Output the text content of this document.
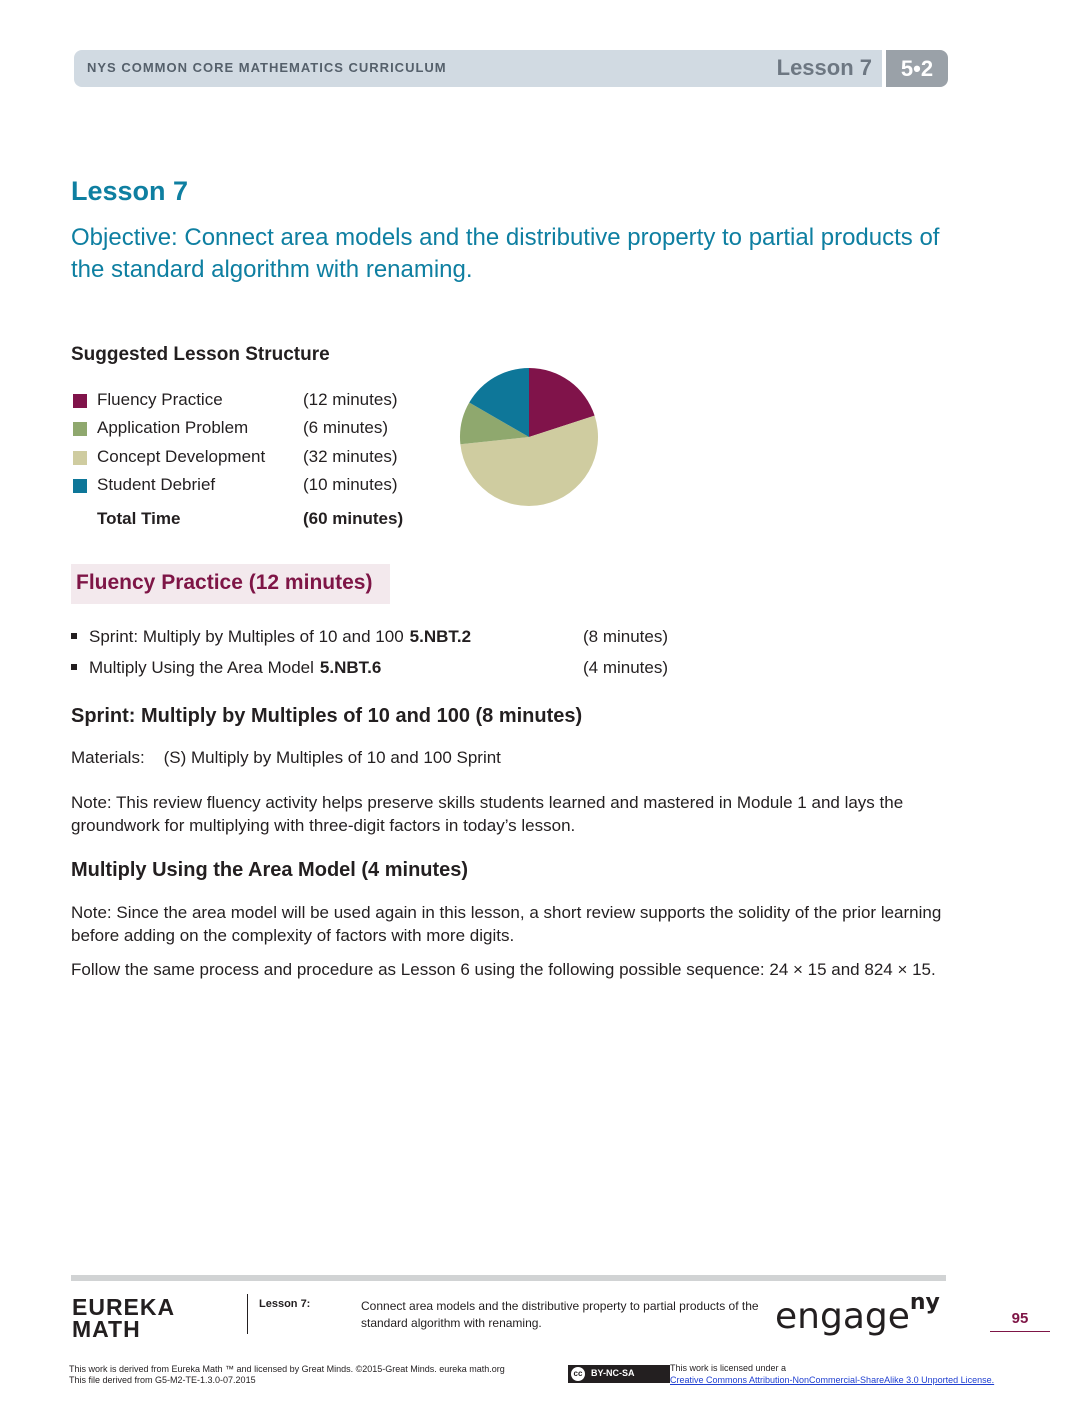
NYS COMMON CORE MATHEMATICS CURRICULUM	Lesson 7	5•2
Lesson 7
Objective: Connect area models and the distributive property to partial products of the standard algorithm with renaming.
Suggested Lesson Structure
Fluency Practice	(12 minutes)
Application Problem	(6 minutes)
Concept Development (32 minutes)
Student Debrief	(10 minutes)
Total Time	(60 minutes)
Fluency Practice (12 minutes)
Sprint: Multiply by Multiples of 10 and 100 5.NBT.2	(8 minutes)
Multiply Using the Area Model 5.NBT.6	(4 minutes)
Sprint: Multiply by Multiples of 10 and 100 (8 minutes)
Materials:    (S) Multiply by Multiples of 10 and 100 Sprint
Note: This review fluency activity helps preserve skills students learned and mastered in Module 1 and lays the groundwork for multiplying with three-digit factors in today’s lesson.
Multiply Using the Area Model (4 minutes)
Note: Since the area model will be used again in this lesson, a short review supports the solidity of the prior learning before adding on the complexity of factors with more digits.
Follow the same process and procedure as Lesson 6 using the following possible sequence: 24 × 15 and 824 × 15.
EUREKA
MATH
Lesson 7:	Connect area models and the distributive property to partial products of the standard algorithm with renaming.	engage$^{ny}$
95
This work is derived from Eureka Math ™ and licensed by Great Minds. ©2015-Great Minds. eureka math.org
This file derived from G5-M2-TE-1.3.0-07.2015
cc BY-NC-SA	This work is licensed under a
Creative Commons Attribution-NonCommercial-ShareAlike 3.0 Unported License.
